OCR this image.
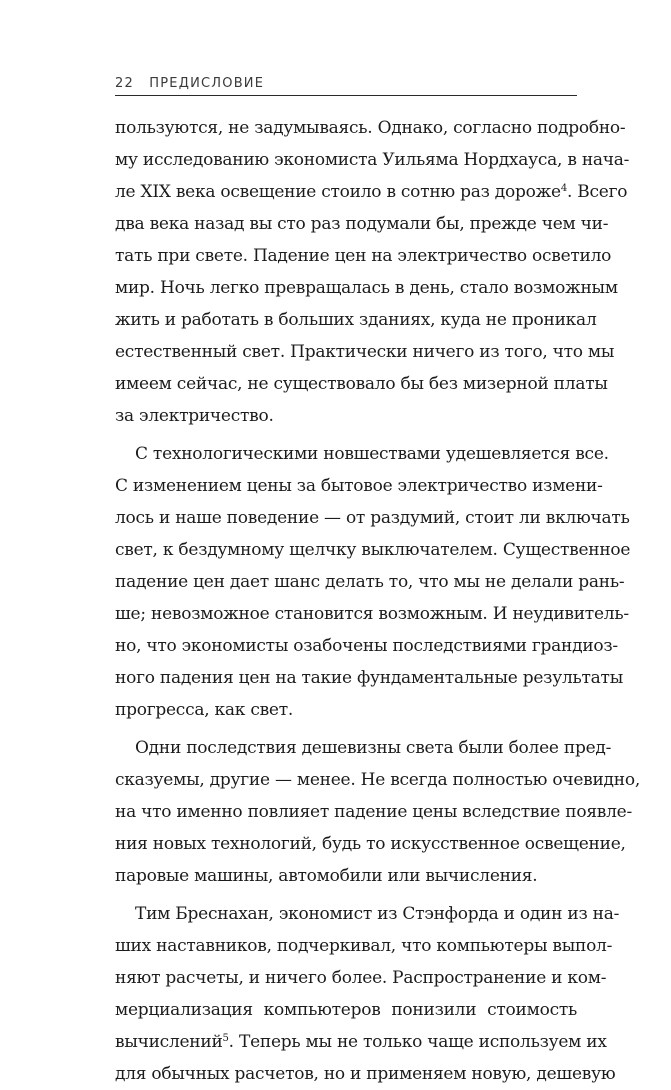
22 ПРЕДИСЛОВИЕ
пользуются, не задумываясь. Однако, согласно подробно-
му исследованию экономиста Уильяма Нордхауса, в нача-
ле XIX века освещение стоило в сотню раз дороже$^4$. Всего
два века назад вы сто раз подумали бы, прежде чем чи-
тать при свете. Падение цен на электричество осветило
мир. Ночь легко превращалась в день, стало возможным
жить и работать в больших зданиях, куда не проникал
естественный свет. Практически ничего из того, что мы
имеем сейчас, не существовало бы без мизерной платы
за электричество.
С технологическими новшествами удешевляется все.
С изменением цены за бытовое электричество измени-
лось и наше поведение — от раздумий, стоит ли включать
свет, к бездумному щелчку выключателем. Существенное
падение цен дает шанс делать то, что мы не делали рань-
ше; невозможное становится возможным. И неудивитель-
но, что экономисты озабочены последствиями грандиоз-
ного падения цен на такие фундаментальные результаты
прогресса, как свет.
Одни последствия дешевизны света были более пред-
сказуемы, другие — менее. Не всегда полностью очевидно,
на что именно повлияет падение цены вследствие появле-
ния новых технологий, будь то искусственное освещение,
паровые машины, автомобили или вычисления.
Тим Бреснахан, экономист из Стэнфорда и один из на-
ших наставников, подчеркивал, что компьютеры выпол-
няют расчеты, и ничего более. Распространение и ком-
мерциализация компьютеров понизили стоимость
вычислений$^5$. Теперь мы не только чаще используем их
для обычных расчетов, но и применяем новую, дешевую
